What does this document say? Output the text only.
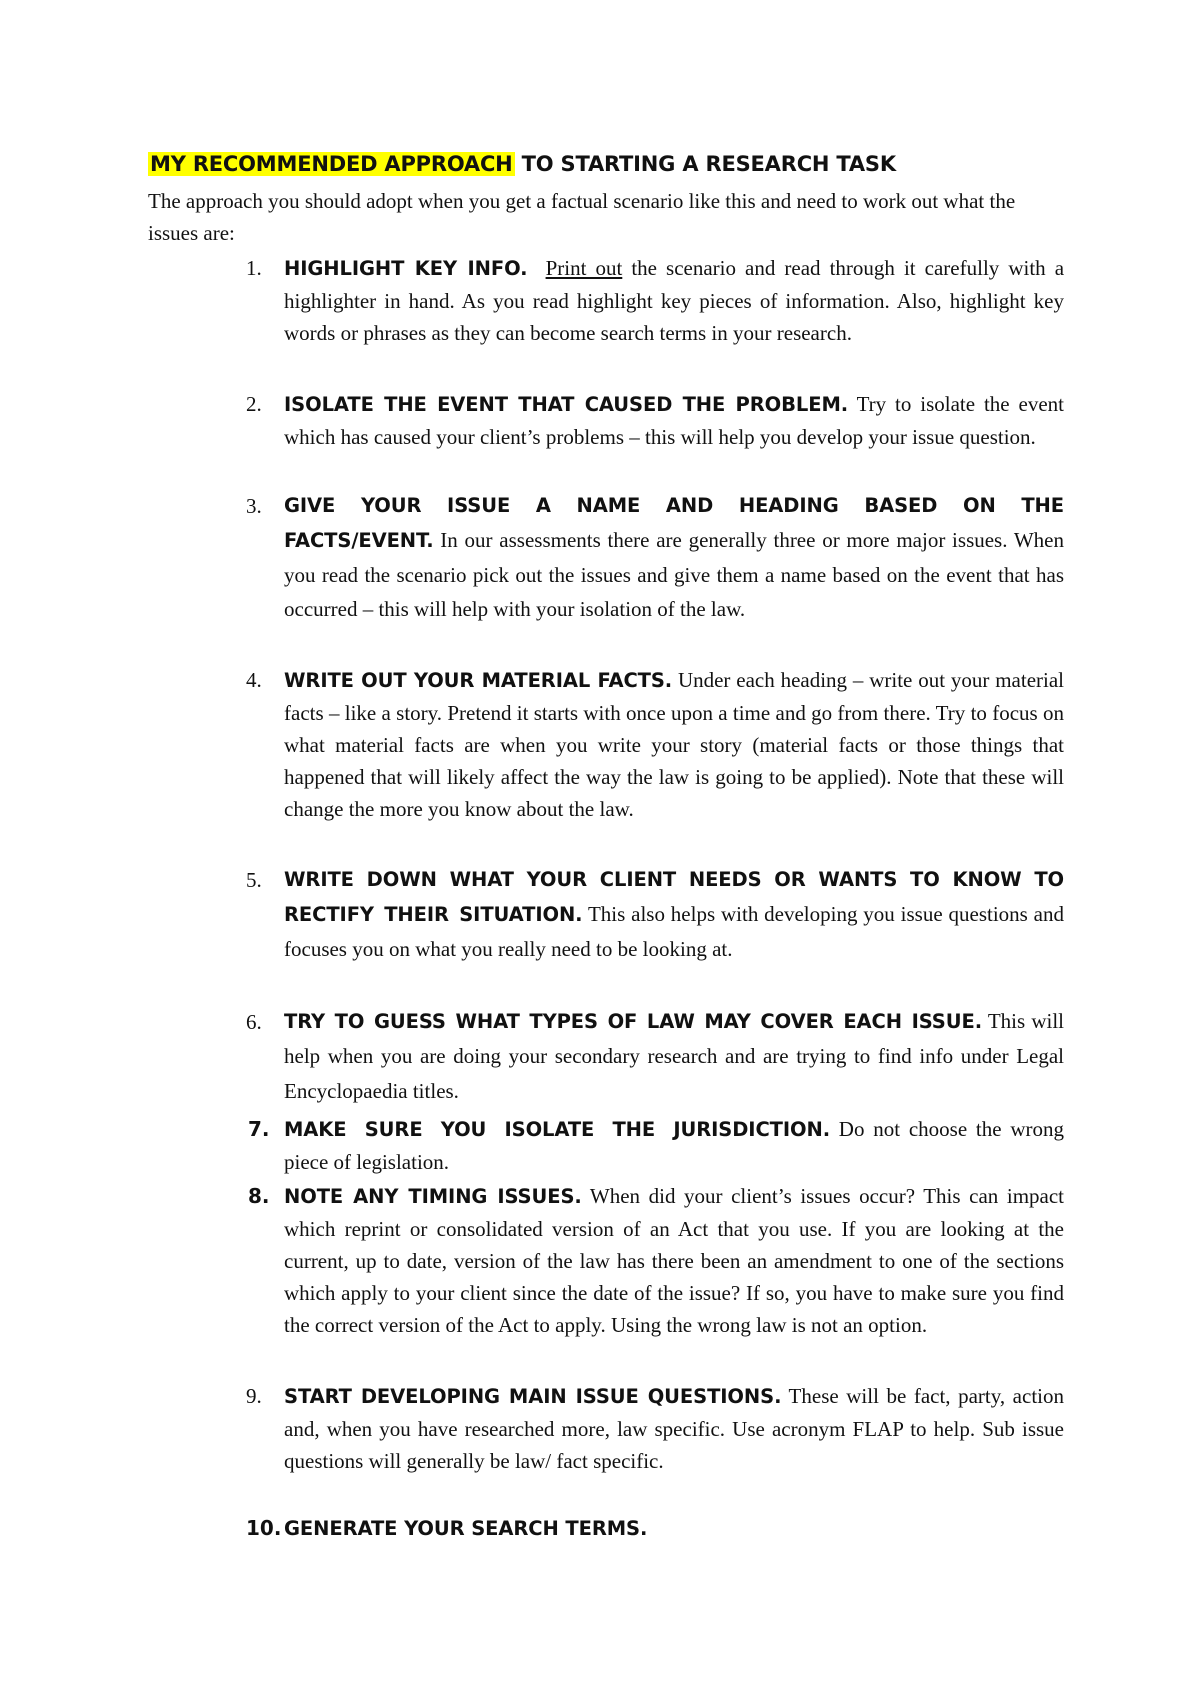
MY RECOMMENDED APPROACH TO STARTING A RESEARCH TASK
The approach you should adopt when you get a factual scenario like this and need to work out what the issues are:
1. HIGHLIGHT KEY INFO. Print out the scenario and read through it carefully with a highlighter in hand. As you read highlight key pieces of information. Also, highlight key words or phrases as they can become search terms in your research.
2. ISOLATE THE EVENT THAT CAUSED THE PROBLEM. Try to isolate the event which has caused your client’s problems – this will help you develop your issue question.
3. GIVE YOUR ISSUE A NAME AND HEADING BASED ON THE FACTS/EVENT. In our assessments there are generally three or more major issues. When you read the scenario pick out the issues and give them a name based on the event that has occurred – this will help with your isolation of the law.
4. WRITE OUT YOUR MATERIAL FACTS. Under each heading – write out your material facts – like a story. Pretend it starts with once upon a time and go from there. Try to focus on what material facts are when you write your story (material facts or those things that happened that will likely affect the way the law is going to be applied). Note that these will change the more you know about the law.
5. WRITE DOWN WHAT YOUR CLIENT NEEDS OR WANTS TO KNOW TO RECTIFY THEIR SITUATION. This also helps with developing you issue questions and focuses you on what you really need to be looking at.
6. TRY TO GUESS WHAT TYPES OF LAW MAY COVER EACH ISSUE. This will help when you are doing your secondary research and are trying to find info under Legal Encyclopaedia titles.
7. MAKE SURE YOU ISOLATE THE JURISDICTION. Do not choose the wrong piece of legislation.
8. NOTE ANY TIMING ISSUES. When did your client’s issues occur? This can impact which reprint or consolidated version of an Act that you use. If you are looking at the current, up to date, version of the law has there been an amendment to one of the sections which apply to your client since the date of the issue? If so, you have to make sure you find the correct version of the Act to apply. Using the wrong law is not an option.
9. START DEVELOPING MAIN ISSUE QUESTIONS. These will be fact, party, action and, when you have researched more, law specific. Use acronym FLAP to help. Sub issue questions will generally be law/ fact specific.
10. GENERATE YOUR SEARCH TERMS.
